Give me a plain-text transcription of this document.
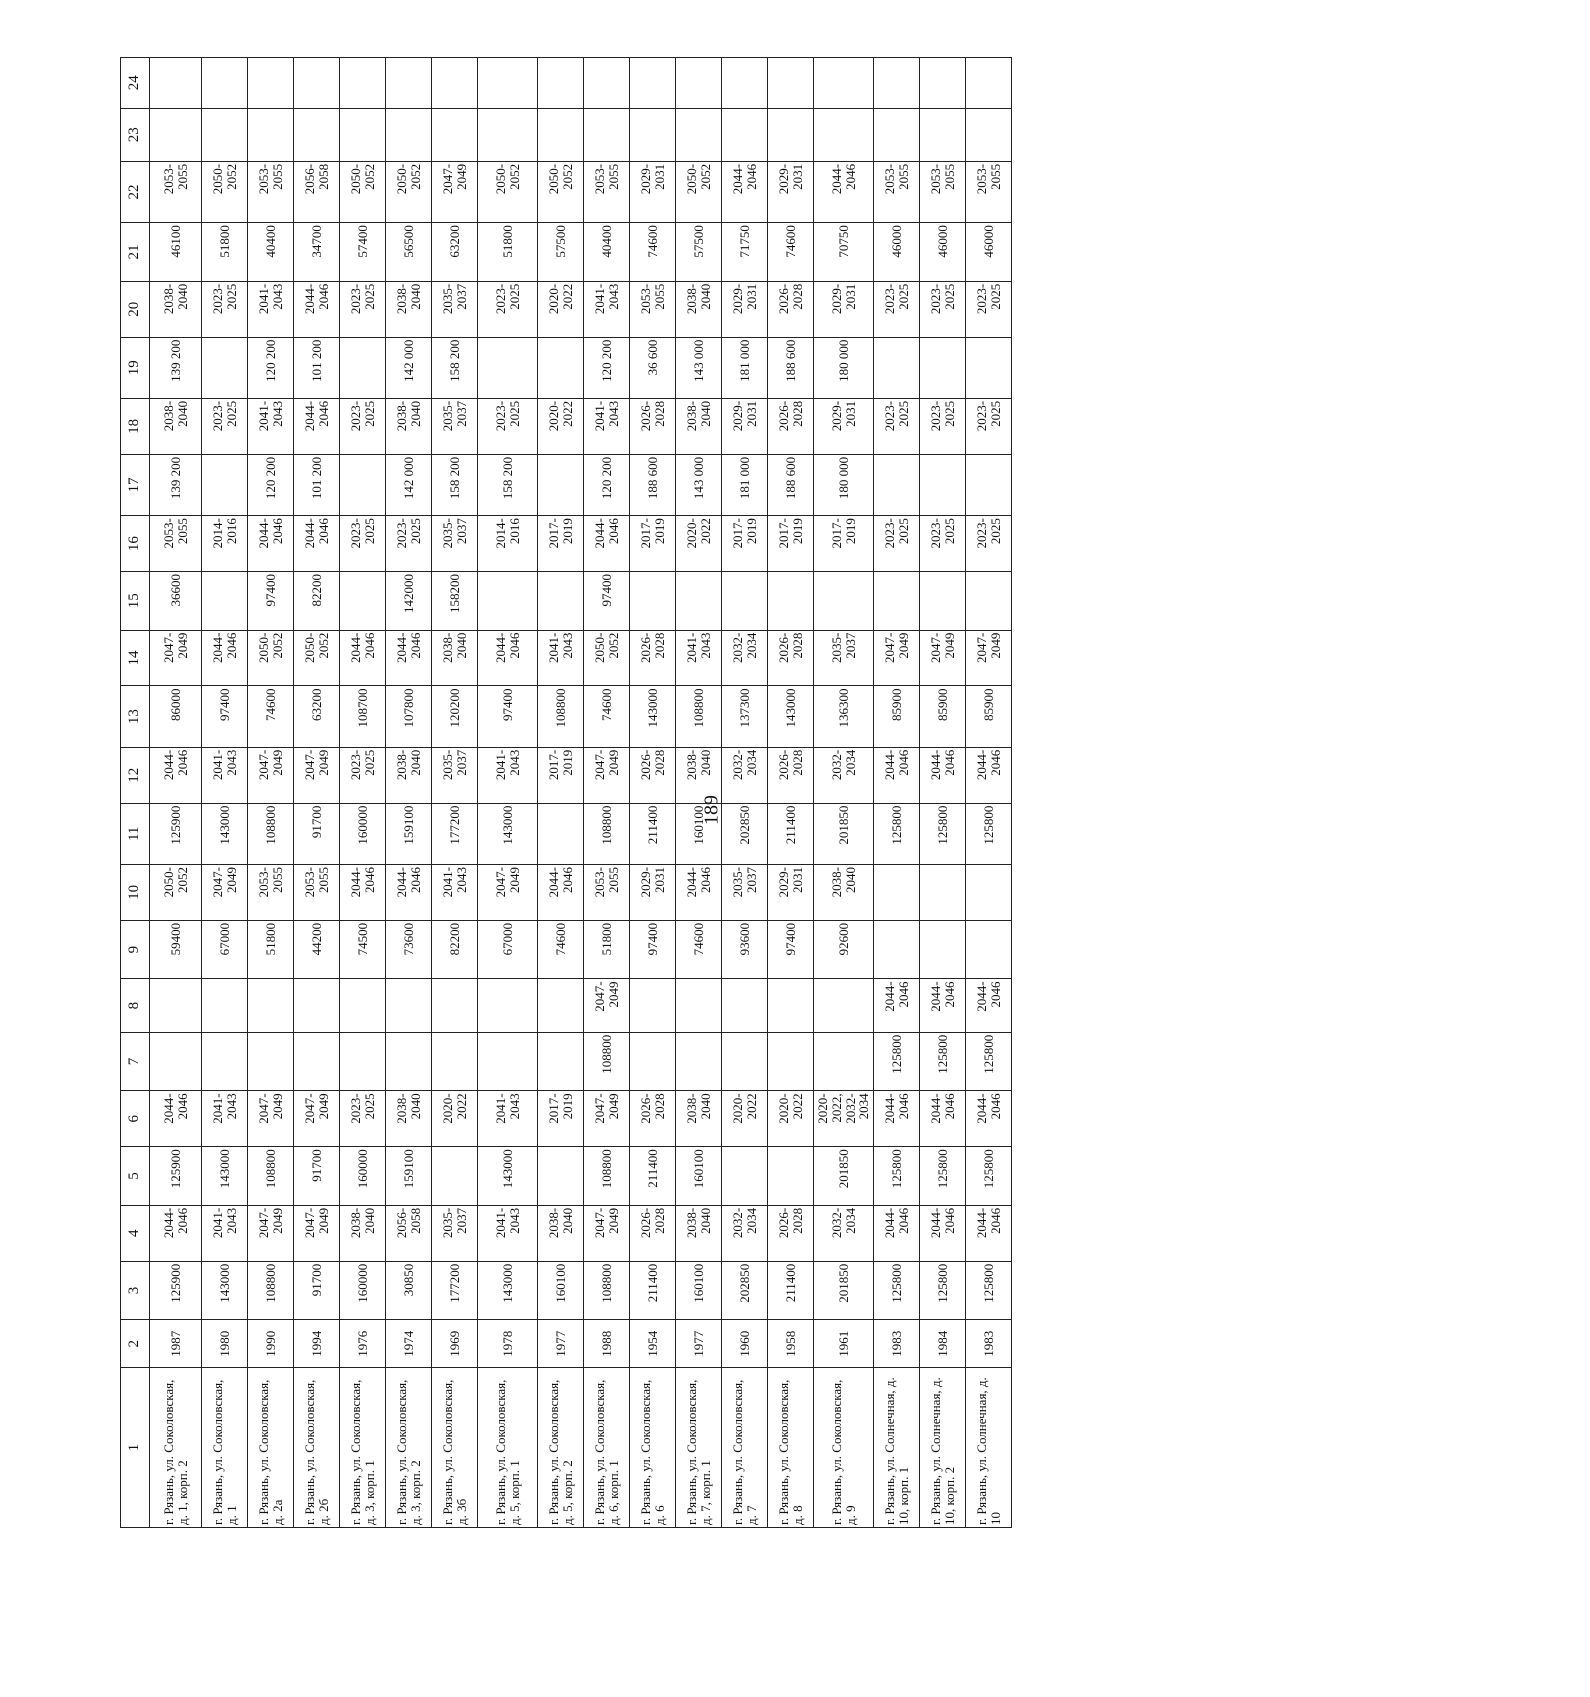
189
1	2	3	4	5	6	7	8	9	10	11	12	13	14	15	16	17	18	19	20	21	22	23	24
г. Рязань, ул. Соколовская, д. 1, корп. 2	1987	125900	2044-2046	125900	2044-2046			59400	2050-2052	125900	2044-2046	86000	2047-2049	36600	2053-2055	139 200	2038-2040	139 200	2038-2040	46100	2053-2055		
г. Рязань, ул. Соколовская, д. 1	1980	143000	2041-2043	143000	2041-2043			67000	2047-2049	143000	2041-2043	97400	2044-2046		2014-2016		2023-2025		2023-2025	51800	2050-2052		
г. Рязань, ул. Соколовская, д. 2а	1990	108800	2047-2049	108800	2047-2049			51800	2053-2055	108800	2047-2049	74600	2050-2052	97400	2044-2046	120 200	2041-2043	120 200	2041-2043	40400	2053-2055		
г. Рязань, ул. Соколовская, д. 2б	1994	91700	2047-2049	91700	2047-2049			44200	2053-2055	91700	2047-2049	63200	2050-2052	82200	2044-2046	101 200	2044-2046	101 200	2044-2046	34700	2056-2058		
г. Рязань, ул. Соколовская, д. 3, корп. 1	1976	160000	2038-2040	160000	2023-2025			74500	2044-2046	160000	2023-2025	108700	2044-2046		2023-2025		2023-2025		2023-2025	57400	2050-2052		
г. Рязань, ул. Соколовская, д. 3, корп. 2	1974	30850	2056-2058	159100	2038-2040			73600	2044-2046	159100	2038-2040	107800	2044-2046	142000	2023-2025	142 000	2038-2040	142 000	2038-2040	56500	2050-2052		
г. Рязань, ул. Соколовская, д. 3б	1969	177200	2035-2037		2020-2022			82200	2041-2043	177200	2035-2037	120200	2038-2040	158200	2035-2037	158 200	2035-2037	158 200	2035-2037	63200	2047-2049		
г. Рязань, ул. Соколовская, д. 5, корп. 1	1978	143000	2041-2043	143000	2041-2043			67000	2047-2049	143000	2041-2043	97400	2044-2046		2014-2016	158 200	2023-2025		2023-2025	51800	2050-2052		
г. Рязань, ул. Соколовская, д. 5, корп. 2	1977	160100	2038-2040		2017-2019			74600	2044-2046		2017-2019	108800	2041-2043		2017-2019		2020-2022		2020-2022	57500	2050-2052		
г. Рязань, ул. Соколовская, д. 6, корп. 1	1988	108800	2047-2049	108800	2047-2049	108800	2047-2049	51800	2053-2055	108800	2047-2049	74600	2050-2052	97400	2044-2046	120 200	2041-2043	120 200	2041-2043	40400	2053-2055		
г. Рязань, ул. Соколовская, д. 6	1954	211400	2026-2028	211400	2026-2028			97400	2029-2031	211400	2026-2028	143000	2026-2028		2017-2019	188 600	2026-2028	36 600	2053-2055	74600	2029-2031		
г. Рязань, ул. Соколовская, д. 7, корп. 1	1977	160100	2038-2040	160100	2038-2040			74600	2044-2046	160100	2038-2040	108800	2041-2043		2020-2022	143 000	2038-2040	143 000	2038-2040	57500	2050-2052		
г. Рязань, ул. Соколовская, д. 7	1960	202850	2032-2034		2020-2022			93600	2035-2037	202850	2032-2034	137300	2032-2034		2017-2019	181 000	2029-2031	181 000	2029-2031	71750	2044-2046		
г. Рязань, ул. Соколовская, д. 8	1958	211400	2026-2028		2020-2022			97400	2029-2031	211400	2026-2028	143000	2026-2028		2017-2019	188 600	2026-2028	188 600	2026-2028	74600	2029-2031		
г. Рязань, ул. Соколовская, д. 9	1961	201850	2032-2034	201850	2020-2022, 2032-2034			92600	2038-2040	201850	2032-2034	136300	2035-2037		2017-2019	180 000	2029-2031	180 000	2029-2031	70750	2044-2046		
г. Рязань, ул. Солнечная, д. 10, корп. 1	1983	125800	2044-2046	125800	2044-2046	125800	2044-2046			125800	2044-2046	85900	2047-2049		2023-2025		2023-2025		2023-2025	46000	2053-2055		
г. Рязань, ул. Солнечная, д. 10, корп. 2	1984	125800	2044-2046	125800	2044-2046	125800	2044-2046			125800	2044-2046	85900	2047-2049		2023-2025		2023-2025		2023-2025	46000	2053-2055		
г. Рязань, ул. Солнечная, д. 10	1983	125800	2044-2046	125800	2044-2046	125800	2044-2046			125800	2044-2046	85900	2047-2049		2023-2025		2023-2025		2023-2025	46000	2053-2055		
